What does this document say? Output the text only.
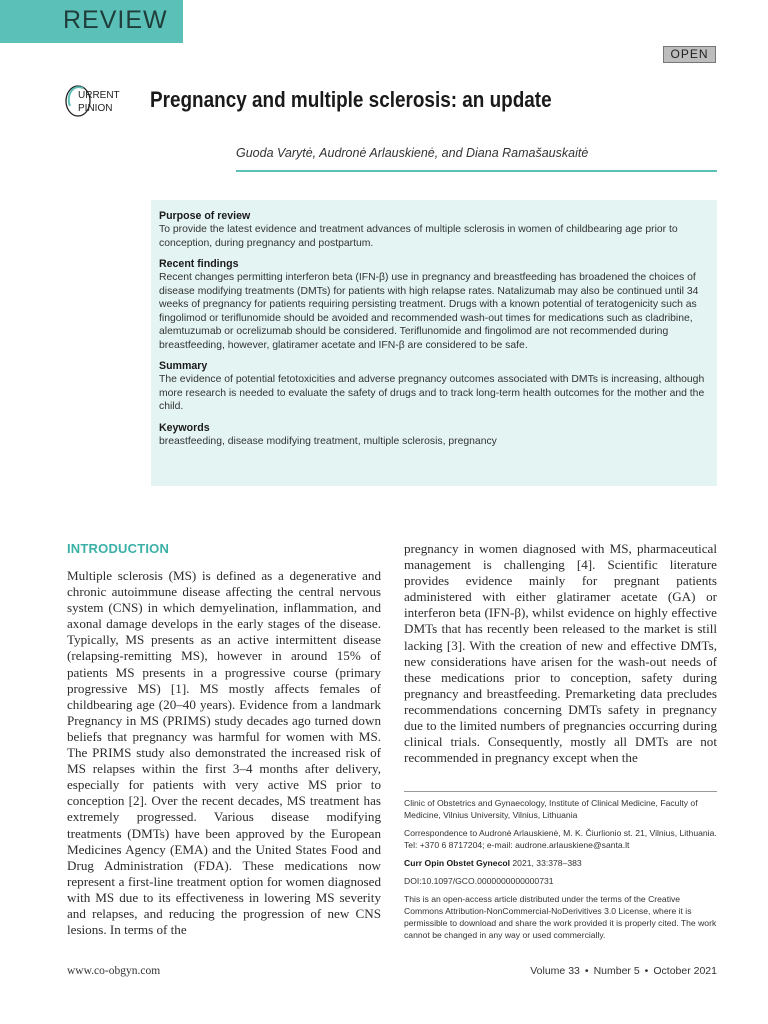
REVIEW
OPEN
URRENT
PINION Pregnancy and multiple sclerosis: an update
Guoda Varytė, Audronė Arlauskienė, and Diana Ramašauskaitė
Purpose of review

To provide the latest evidence and treatment advances of multiple sclerosis in women of childbearing age prior to conception, during pregnancy and postpartum.

Recent findings

Recent changes permitting interferon beta (IFN-β) use in pregnancy and breastfeeding has broadened the choices of disease modifying treatments (DMTs) for patients with high relapse rates. Natalizumab may also be continued until 34 weeks of pregnancy for patients requiring persisting treatment. Drugs with a known potential of teratogenicity such as fingolimod or teriflunomide should be avoided and recommended wash-out times for medications such as cladribine, alemtuzumab or ocrelizumab should be considered. Teriflunomide and fingolimod are not recommended during breastfeeding, however, glatiramer acetate and IFN-β are considered to be safe.

Summary

The evidence of potential fetotoxicities and adverse pregnancy outcomes associated with DMTs is increasing, although more research is needed to evaluate the safety of drugs and to track long-term health outcomes for the mother and the child.

Keywords

breastfeeding, disease modifying treatment, multiple sclerosis, pregnancy

INTRODUCTION

Multiple sclerosis (MS) is defined as a degenerative and chronic autoimmune disease affecting the central nervous system (CNS) in which demyelination, inflammation, and axonal damage develops in the early stages of the disease. Typically, MS presents as an active intermittent disease (relapsing-remitting MS), however in around 15% of patients MS presents in a progressive course (primary progressive MS) [1]. MS mostly affects females of childbearing age (20–40 years). Evidence from a landmark Pregnancy in MS (PRIMS) study decades ago turned down beliefs that pregnancy was harmful for women with MS. The PRIMS study also demonstrated the increased risk of MS relapses within the first 3–4 months after delivery, especially for patients with very active MS prior to conception [2]. Over the recent decades, MS treatment has extremely progressed. Various disease modifying treatments (DMTs) have been approved by the European Medicines Agency (EMA) and the United States Food and Drug Administration (FDA). These medications now represent a first-line treatment option for women diagnosed with MS due to its effectiveness in lowering MS severity and relapses, and reducing the progression of new CNS lesions. In terms of the

pregnancy in women diagnosed with MS, pharmaceutical management is challenging [4]. Scientific literature provides evidence mainly for pregnant patients administered with either glatiramer acetate (GA) or interferon beta (IFN-β), whilst evidence on highly effective DMTs that has recently been released to the market is still lacking [3]. With the creation of new and effective DMTs, new considerations have arisen for the wash-out needs of these medications prior to conception, safety during pregnancy and breastfeeding. Premarketing data precludes recommendations concerning DMTs safety in pregnancy due to the limited numbers of pregnancies occurring during clinical trials. Consequently, mostly all DMTs are not recommended in pregnancy except when the

Clinic of Obstetrics and Gynaecology, Institute of Clinical Medicine, Faculty of Medicine, Vilnius University, Vilnius, Lithuania

Correspondence to Audronė Arlauskienė, M. K. Čiurlionio st. 21, Vilnius, Lithuania. Tel: +370 6 8717204; e-mail: audrone.arlauskiene@santa.lt

Curr Opin Obstet Gynecol 2021, 33:378–383

DOI:10.1097/GCO.0000000000000731

This is an open-access article distributed under the terms of the Creative Commons Attribution-NonCommercial-NoDerivitives 3.0 License, where it is permissible to download and share the work provided it is properly cited. The work cannot be changed in any way or used commercially.

www.co-obgyn.com	Volume 33 • Number 5 • October 2021
